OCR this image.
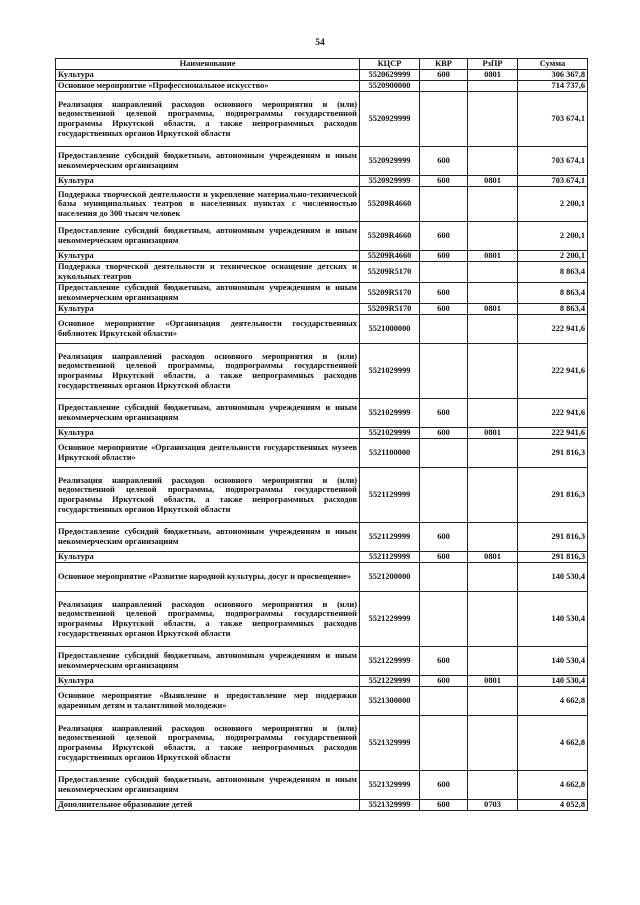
54
Наименование	КЦСР	КВР	РзПР	Сумма
Культура	5520629999	600	0801	306 367,8
Основное мероприятие «Профессиональное искусство»	5520900000			714 737,6
Реализация направлений расходов основного мероприятия и (или) ведомственной целевой программы, подпрограммы государственной программы Иркутской области, а также непрограммных расходов государственных органов Иркутской области	5520929999			703 674,1
Предоставление субсидий бюджетным, автономным учреждениям и иным некоммерческим организациям	5520929999	600		703 674,1
Культура	5520929999	600	0801	703 674,1
Поддержка творческой деятельности и укрепление материально-технической базы муниципальных театров в населенных пунктах с численностью населения до 300 тысяч человек	55209R4660			2 200,1
Предоставление субсидий бюджетным, автономным учреждениям и иным некоммерческим организациям	55209R4660	600		2 200,1
Культура	55209R4660	600	0801	2 200,1
Поддержка творческой деятельности и техническое оснащение детских и кукольных театров	55209R5170			8 863,4
Предоставление субсидий бюджетным, автономным учреждениям и иным некоммерческим организациям	55209R5170	600		8 863,4
Культура	55209R5170	600	0801	8 863,4
Основное мероприятие «Организация деятельности государственных библиотек Иркутской области»	5521000000			222 941,6
Реализация направлений расходов основного мероприятия и (или) ведомственной целевой программы, подпрограммы государственной программы Иркутской области, а также непрограммных расходов государственных органов Иркутской области	5521029999			222 941,6
Предоставление субсидий бюджетным, автономным учреждениям и иным некоммерческим организациям	5521029999	600		222 941,6
Культура	5521029999	600	0801	222 941,6
Основное мероприятие «Организация деятельности государственных музеев Иркутской области»	5521100000			291 816,3
Реализация направлений расходов основного мероприятия и (или) ведомственной целевой программы, подпрограммы государственной программы Иркутской области, а также непрограммных расходов государственных органов Иркутской области	5521129999			291 816,3
Предоставление субсидий бюджетным, автономным учреждениям и иным некоммерческим организациям	5521129999	600		291 816,3
Культура	5521129999	600	0801	291 816,3
Основное мероприятие «Развитие народной культуры, досуг и просвещение»	5521200000			140 530,4
Реализация направлений расходов основного мероприятия и (или) ведомственной целевой программы, подпрограммы государственной программы Иркутской области, а также непрограммных расходов государственных органов Иркутской области	5521229999			140 530,4
Предоставление субсидий бюджетным, автономным учреждениям и иным некоммерческим организациям	5521229999	600		140 530,4
Культура	5521229999	600	0801	140 530,4
Основное мероприятие «Выявление и предоставление мер поддержки одаренным детям и талантливой молодежи»	5521300000			4 662,8
Реализация направлений расходов основного мероприятия и (или) ведомственной целевой программы, подпрограммы государственной программы Иркутской области, а также непрограммных расходов государственных органов Иркутской области	5521329999			4 662,8
Предоставление субсидий бюджетным, автономным учреждениям и иным некоммерческим организациям	5521329999	600		4 662,8
Дополнительное образование детей	5521329999	600	0703	4 052,8
